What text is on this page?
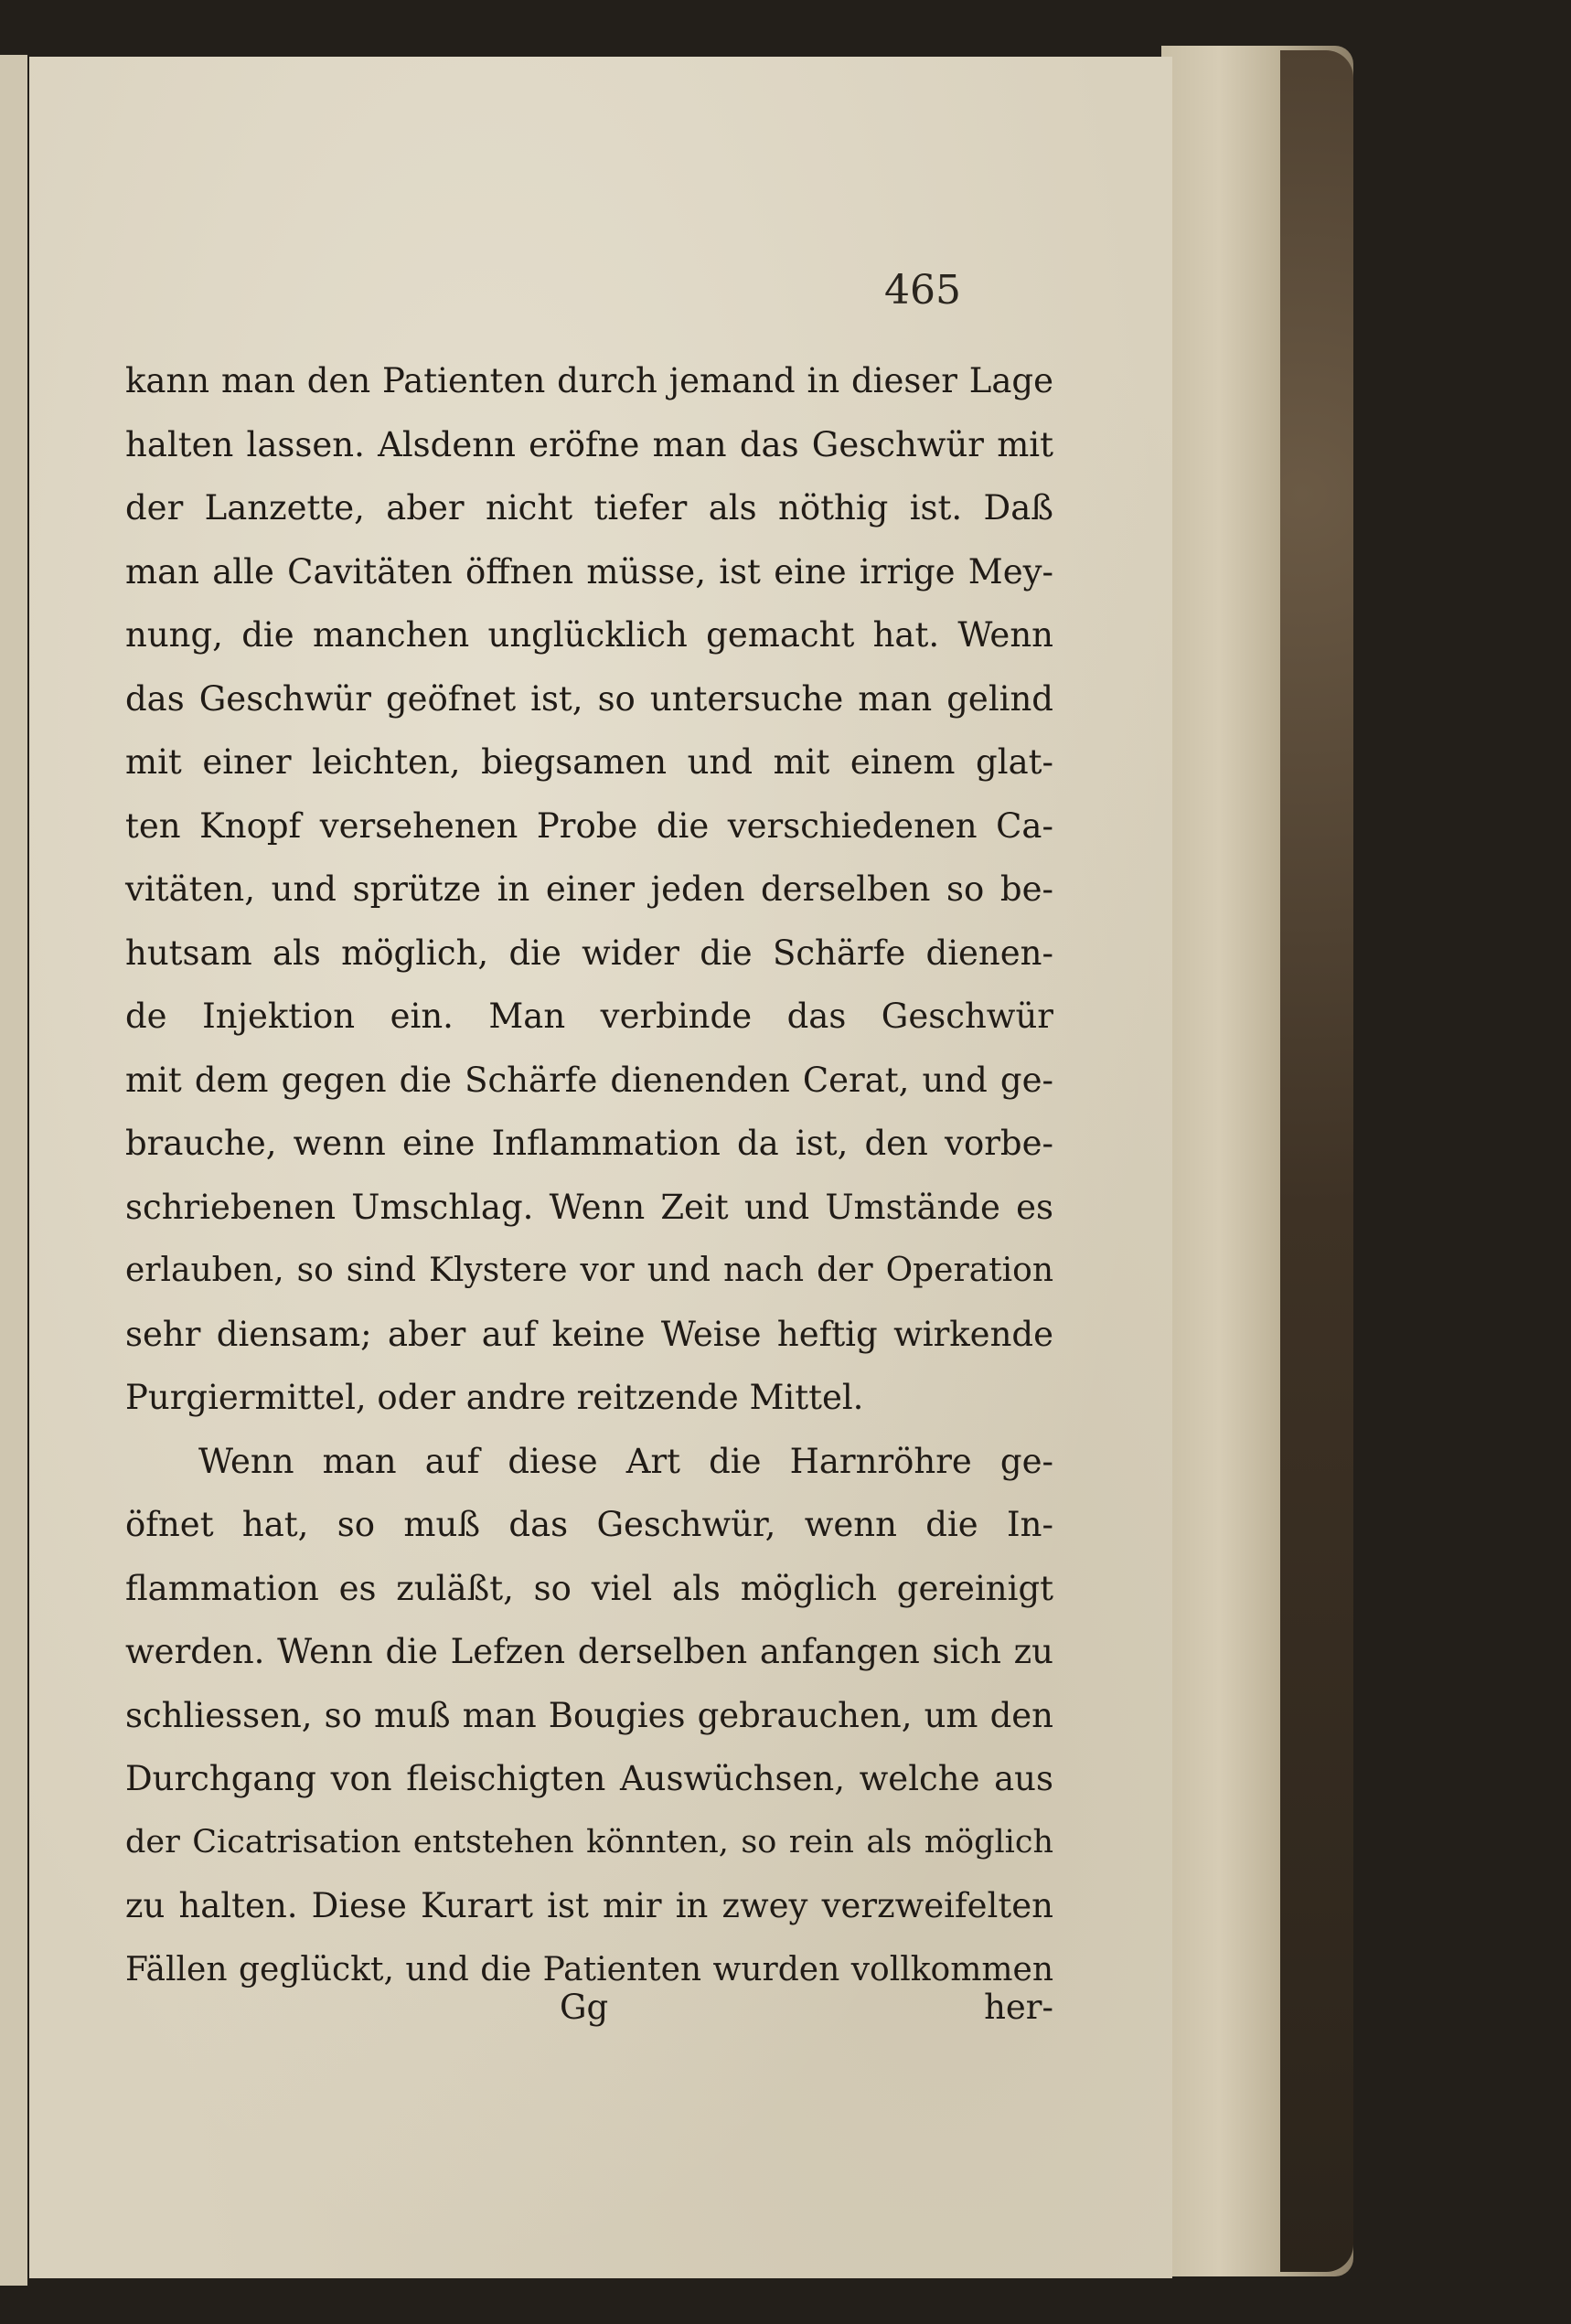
465
kann man den Patienten durch jemand in dieser Lage
halten lassen. Alsdenn eröfne man das Geschwür mit
der Lanzette, aber nicht tiefer als nöthig ist. Daß
man alle Cavitäten öffnen müsse, ist eine irrige Mey-
nung, die manchen unglücklich gemacht hat. Wenn
das Geschwür geöfnet ist, so untersuche man gelind
mit einer leichten, biegsamen und mit einem glat-
ten Knopf versehenen Probe die verschiedenen Ca-
vitäten, und sprütze in einer jeden derselben so be-
hutsam als möglich, die wider die Schärfe dienen-
de Injektion ein. Man verbinde das Geschwür
mit dem gegen die Schärfe dienenden Cerat, und ge-
brauche, wenn eine Inflammation da ist, den vorbe-
schriebenen Umschlag. Wenn Zeit und Umstände es
erlauben, so sind Klystere vor und nach der Operation
sehr diensam; aber auf keine Weise heftig wirkende
Purgiermittel, oder andre reitzende Mittel.
Wenn man auf diese Art die Harnröhre ge-
öfnet hat, so muß das Geschwür, wenn die In-
flammation es zuläßt, so viel als möglich gereinigt
werden. Wenn die Lefzen derselben anfangen sich zu
schliessen, so muß man Bougies gebrauchen, um den
Durchgang von fleischigten Auswüchsen, welche aus
der Cicatrisation entstehen könnten, so rein als möglich
zu halten. Diese Kurart ist mir in zwey verzweifelten
Fällen geglückt, und die Patienten wurden vollkommen
Gg	her-
